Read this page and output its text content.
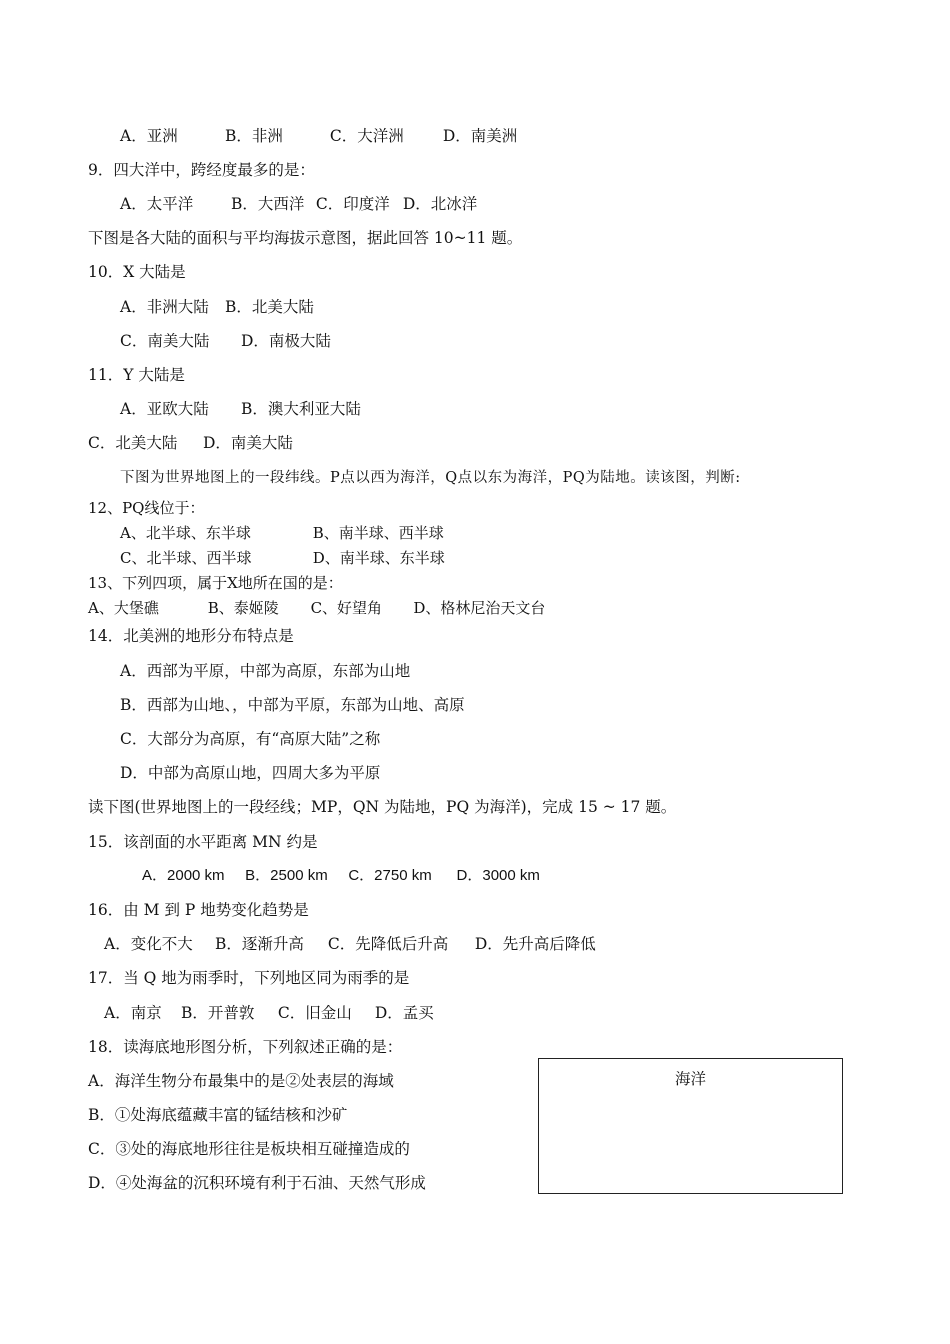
A．亚洲	B．非洲	C．大洋洲	D．南美洲
9．四大洋中，跨经度最多的是：
A．太平洋 B．大西洋 C．印度洋 D．北冰洋
下图是各大陆的面积与平均海拔示意图，据此回答 10~11 题。
10．X 大陆是
A．非洲大陆 B．北美大陆
C．南美大陆 D．南极大陆
11．Y 大陆是
A．亚欧大陆 B．澳大利亚大陆
C．北美大陆 D．南美大陆
下图为世界地图上的一段纬线。P点以西为海洋，Q点以东为海洋，PQ为陆地。读该图，判断:
12、PQ线位于：
A、北半球、东半球	B、南半球、西半球
C、北半球、西半球	D、南半球、东半球
13、下列四项，属于X地所在国的是：
A、大堡礁	B、泰姬陵 C、好望角 D、格林尼治天文台
14．北美洲的地形分布特点是
A．西部为平原，中部为高原，东部为山地
B．西部为山地、，中部为平原，东部为山地、高原
C．大部分为高原，有“高原大陆”之称
D．中部为高原山地，四周大多为平原
读下图(世界地图上的一段经线；MP，QN 为陆地，PQ 为海洋)，完成 15 ~ 17 题。
15．该剖面的水平距离 MN 约是
A．2000 km B．2500 km C．2750 km D．3000 km
16．由 M 到 P 地势变化趋势是
A．变化不大 B．逐渐升高 C．先降低后升高 D．先升高后降低
17．当 Q 地为雨季时，下列地区同为雨季的是
A．南京 B．开普敦 C．旧金山 D．孟买
18．读海底地形图分析，下列叙述正确的是：
A．海洋生物分布最集中的是②处表层的海域
B．①处海底蕴藏丰富的锰结核和沙矿
C．③处的海底地形往往是板块相互碰撞造成的
D．④处海盆的沉积环境有利于石油、天然气形成
海洋
